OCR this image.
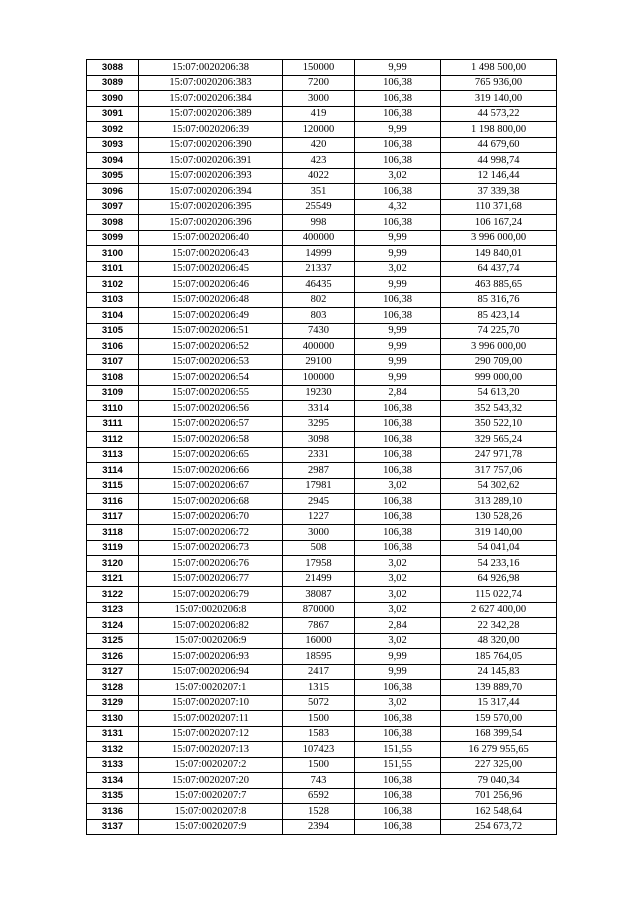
3088	15:07:0020206:38	150000	9,99	1 498 500,00
3089	15:07:0020206:383	7200	106,38	765 936,00
3090	15:07:0020206:384	3000	106,38	319 140,00
3091	15:07:0020206:389	419	106,38	44 573,22
3092	15:07:0020206:39	120000	9,99	1 198 800,00
3093	15:07:0020206:390	420	106,38	44 679,60
3094	15:07:0020206:391	423	106,38	44 998,74
3095	15:07:0020206:393	4022	3,02	12 146,44
3096	15:07:0020206:394	351	106,38	37 339,38
3097	15:07:0020206:395	25549	4,32	110 371,68
3098	15:07:0020206:396	998	106,38	106 167,24
3099	15:07:0020206:40	400000	9,99	3 996 000,00
3100	15:07:0020206:43	14999	9,99	149 840,01
3101	15:07:0020206:45	21337	3,02	64 437,74
3102	15:07:0020206:46	46435	9,99	463 885,65
3103	15:07:0020206:48	802	106,38	85 316,76
3104	15:07:0020206:49	803	106,38	85 423,14
3105	15:07:0020206:51	7430	9,99	74 225,70
3106	15:07:0020206:52	400000	9,99	3 996 000,00
3107	15:07:0020206:53	29100	9,99	290 709,00
3108	15:07:0020206:54	100000	9,99	999 000,00
3109	15:07:0020206:55	19230	2,84	54 613,20
3110	15:07:0020206:56	3314	106,38	352 543,32
3111	15:07:0020206:57	3295	106,38	350 522,10
3112	15:07:0020206:58	3098	106,38	329 565,24
3113	15:07:0020206:65	2331	106,38	247 971,78
3114	15:07:0020206:66	2987	106,38	317 757,06
3115	15:07:0020206:67	17981	3,02	54 302,62
3116	15:07:0020206:68	2945	106,38	313 289,10
3117	15:07:0020206:70	1227	106,38	130 528,26
3118	15:07:0020206:72	3000	106,38	319 140,00
3119	15:07:0020206:73	508	106,38	54 041,04
3120	15:07:0020206:76	17958	3,02	54 233,16
3121	15:07:0020206:77	21499	3,02	64 926,98
3122	15:07:0020206:79	38087	3,02	115 022,74
3123	15:07:0020206:8	870000	3,02	2 627 400,00
3124	15:07:0020206:82	7867	2,84	22 342,28
3125	15:07:0020206:9	16000	3,02	48 320,00
3126	15:07:0020206:93	18595	9,99	185 764,05
3127	15:07:0020206:94	2417	9,99	24 145,83
3128	15:07:0020207:1	1315	106,38	139 889,70
3129	15:07:0020207:10	5072	3,02	15 317,44
3130	15:07:0020207:11	1500	106,38	159 570,00
3131	15:07:0020207:12	1583	106,38	168 399,54
3132	15:07:0020207:13	107423	151,55	16 279 955,65
3133	15:07:0020207:2	1500	151,55	227 325,00
3134	15:07:0020207:20	743	106,38	79 040,34
3135	15:07:0020207:7	6592	106,38	701 256,96
3136	15:07:0020207:8	1528	106,38	162 548,64
3137	15:07:0020207:9	2394	106,38	254 673,72
